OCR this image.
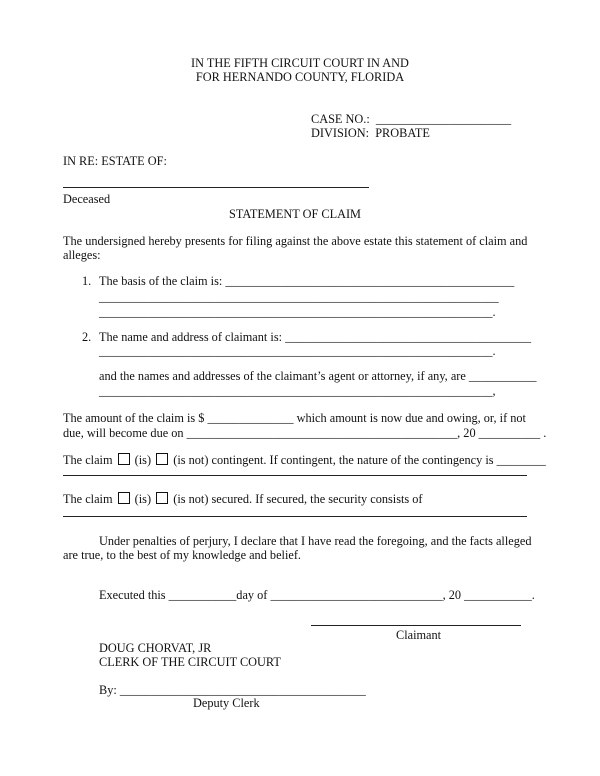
IN THE FIFTH CIRCUIT COURT IN AND
FOR HERNANDO COUNTY, FLORIDA
CASE NO.:  ______________________
DIVISION:  PROBATE
IN RE: ESTATE OF:
Deceased
STATEMENT OF CLAIM
The undersigned hereby presents for filing against the above estate this statement of claim and
alleges:
1. The basis of the claim is: _______________________________________________
_________________________________________________________________
________________________________________________________________.
2. The name and address of claimant is: ________________________________________
________________________________________________________________.
and the names and addresses of the claimant’s agent or attorney, if any, are ___________
________________________________________________________________,
The amount of the claim is $ ______________ which amount is now due and owing, or, if not
due, will become due on ____________________________________________, 20 __________ .
The claim (is) (is not) contingent. If contingent, the nature of the contingency is ________
The claim (is) (is not) secured. If secured, the security consists of
Under penalties of perjury, I declare that I have read the foregoing, and the facts alleged
are true, to the best of my knowledge and belief.
Executed this ___________day of ____________________________, 20 ___________.
Claimant
DOUG CHORVAT, JR
CLERK OF THE CIRCUIT COURT
By: ________________________________________
Deputy Clerk
